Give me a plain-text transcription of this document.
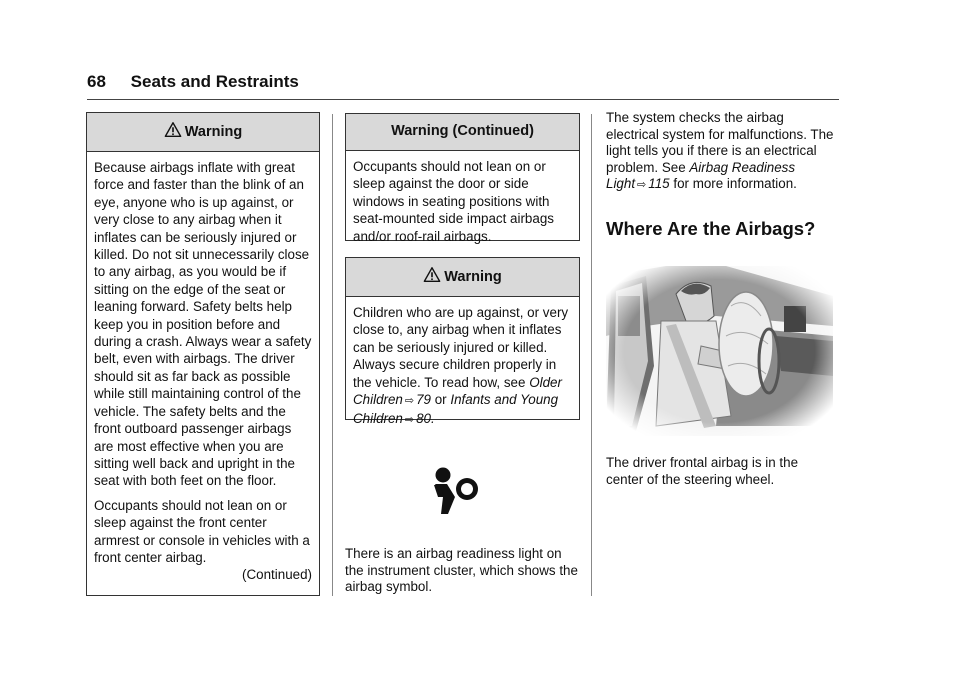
68 Seats and Restraints
Warning

Because airbags inflate with great force and faster than the blink of an eye, anyone who is up against, or very close to any airbag when it inflates can be seriously injured or killed. Do not sit unnecessarily close to any airbag, as you would be if sitting on the edge of the seat or leaning forward. Safety belts help keep you in position before and during a crash. Always wear a safety belt, even with airbags. The driver should sit as far back as possible while still maintaining control of the vehicle. The safety belts and the front outboard passenger airbags are most effective when you are sitting well back and upright in the seat with both feet on the floor.

Occupants should not lean on or sleep against the front center armrest or console in vehicles with a front center airbag.

(Continued)
Warning (Continued)

Occupants should not lean on or sleep against the door or side windows in seating positions with seat-mounted side impact airbags and/or roof-rail airbags.

Warning

Children who are up against, or very close to, any airbag when it inflates can be seriously injured or killed. Always secure children properly in the vehicle. To read how, see Older Children ⇨ 79 or Infants and Young Children ⇨ 80.

There is an airbag readiness light on the instrument cluster, which shows the airbag symbol.

The system checks the airbag electrical system for malfunctions. The light tells you if there is an electrical problem. See Airbag Readiness Light ⇨ 115 for more information.

Where Are the Airbags?

The driver frontal airbag is in the center of the steering wheel.
